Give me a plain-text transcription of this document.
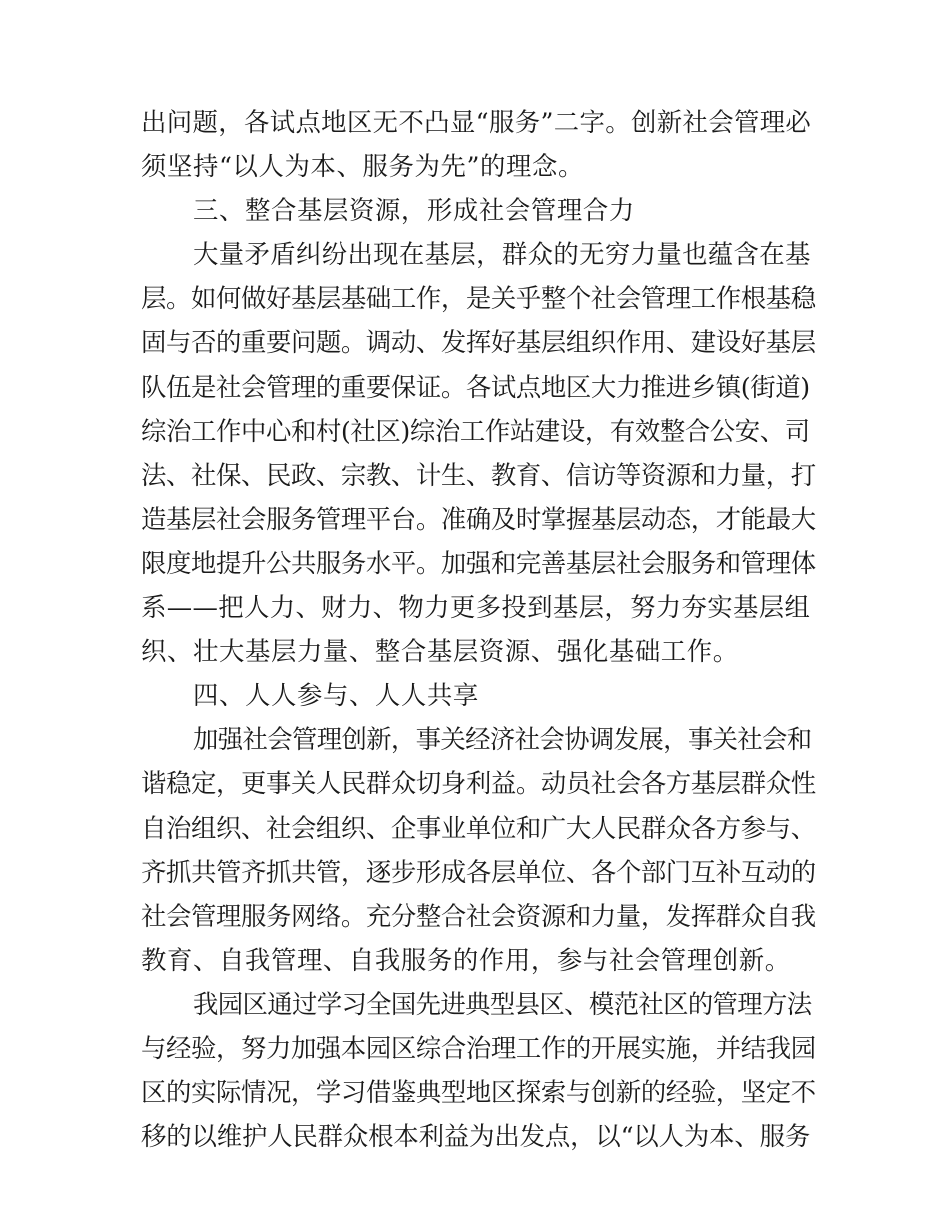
出问题，各试点地区无不凸显“服务”二字。创新社会管理必
须坚持“以人为本、服务为先”的理念。
三、整合基层资源，形成社会管理合力
大量矛盾纠纷出现在基层，群众的无穷力量也蕴含在基
层。如何做好基层基础工作，是关乎整个社会管理工作根基稳
固与否的重要问题。调动、发挥好基层组织作用、建设好基层
队伍是社会管理的重要保证。各试点地区大力推进乡镇(街道)
综治工作中心和村(社区)综治工作站建设，有效整合公安、司
法、社保、民政、宗教、计生、教育、信访等资源和力量，打
造基层社会服务管理平台。准确及时掌握基层动态，才能最大
限度地提升公共服务水平。加强和完善基层社会服务和管理体
系——把人力、财力、物力更多投到基层，努力夯实基层组
织、壮大基层力量、整合基层资源、强化基础工作。
四、人人参与、人人共享
加强社会管理创新，事关经济社会协调发展，事关社会和
谐稳定，更事关人民群众切身利益。动员社会各方基层群众性
自治组织、社会组织、企事业单位和广大人民群众各方参与、
齐抓共管齐抓共管，逐步形成各层单位、各个部门互补互动的
社会管理服务网络。充分整合社会资源和力量，发挥群众自我
教育、自我管理、自我服务的作用，参与社会管理创新。
我园区通过学习全国先进典型县区、模范社区的管理方法
与经验，努力加强本园区综合治理工作的开展实施，并结我园
区的实际情况，学习借鉴典型地区探索与创新的经验，坚定不
移的以维护人民群众根本利益为出发点，以“以人为本、服务
